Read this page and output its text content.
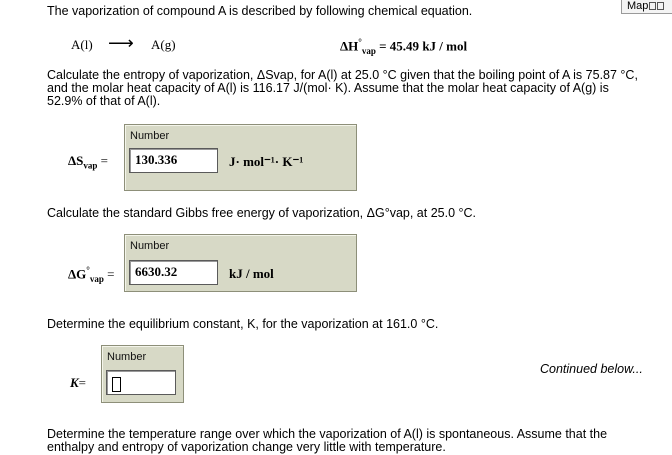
Map
The vaporization of compound A is described by following chemical equation.
A(l) ⟶ A(g)	$\Delta H^\circ_{vap} = 45.49$ kJ / mol
Calculate the entropy of vaporization, ΔSvap, for A(l) at 25.0 °C given that the boiling point of A is 75.87 °C, and the molar heat capacity of A(l) is 116.17 J/(mol· K). Assume that the molar heat capacity of A(g) is 52.9% of that of A(l).
Number
$\Delta S_{vap}$ =	130.336	J· mol⁻¹· K⁻¹
Calculate the standard Gibbs free energy of vaporization, ΔG°vap, at 25.0 °C.
Number
$\Delta G^\circ_{vap}$ =	6630.32	kJ / mol
Determine the equilibrium constant, K, for the vaporization at 161.0 °C.
Number
K=
Continued below...
Determine the temperature range over which the vaporization of A(l) is spontaneous. Assume that the enthalpy and entropy of vaporization change very little with temperature.
